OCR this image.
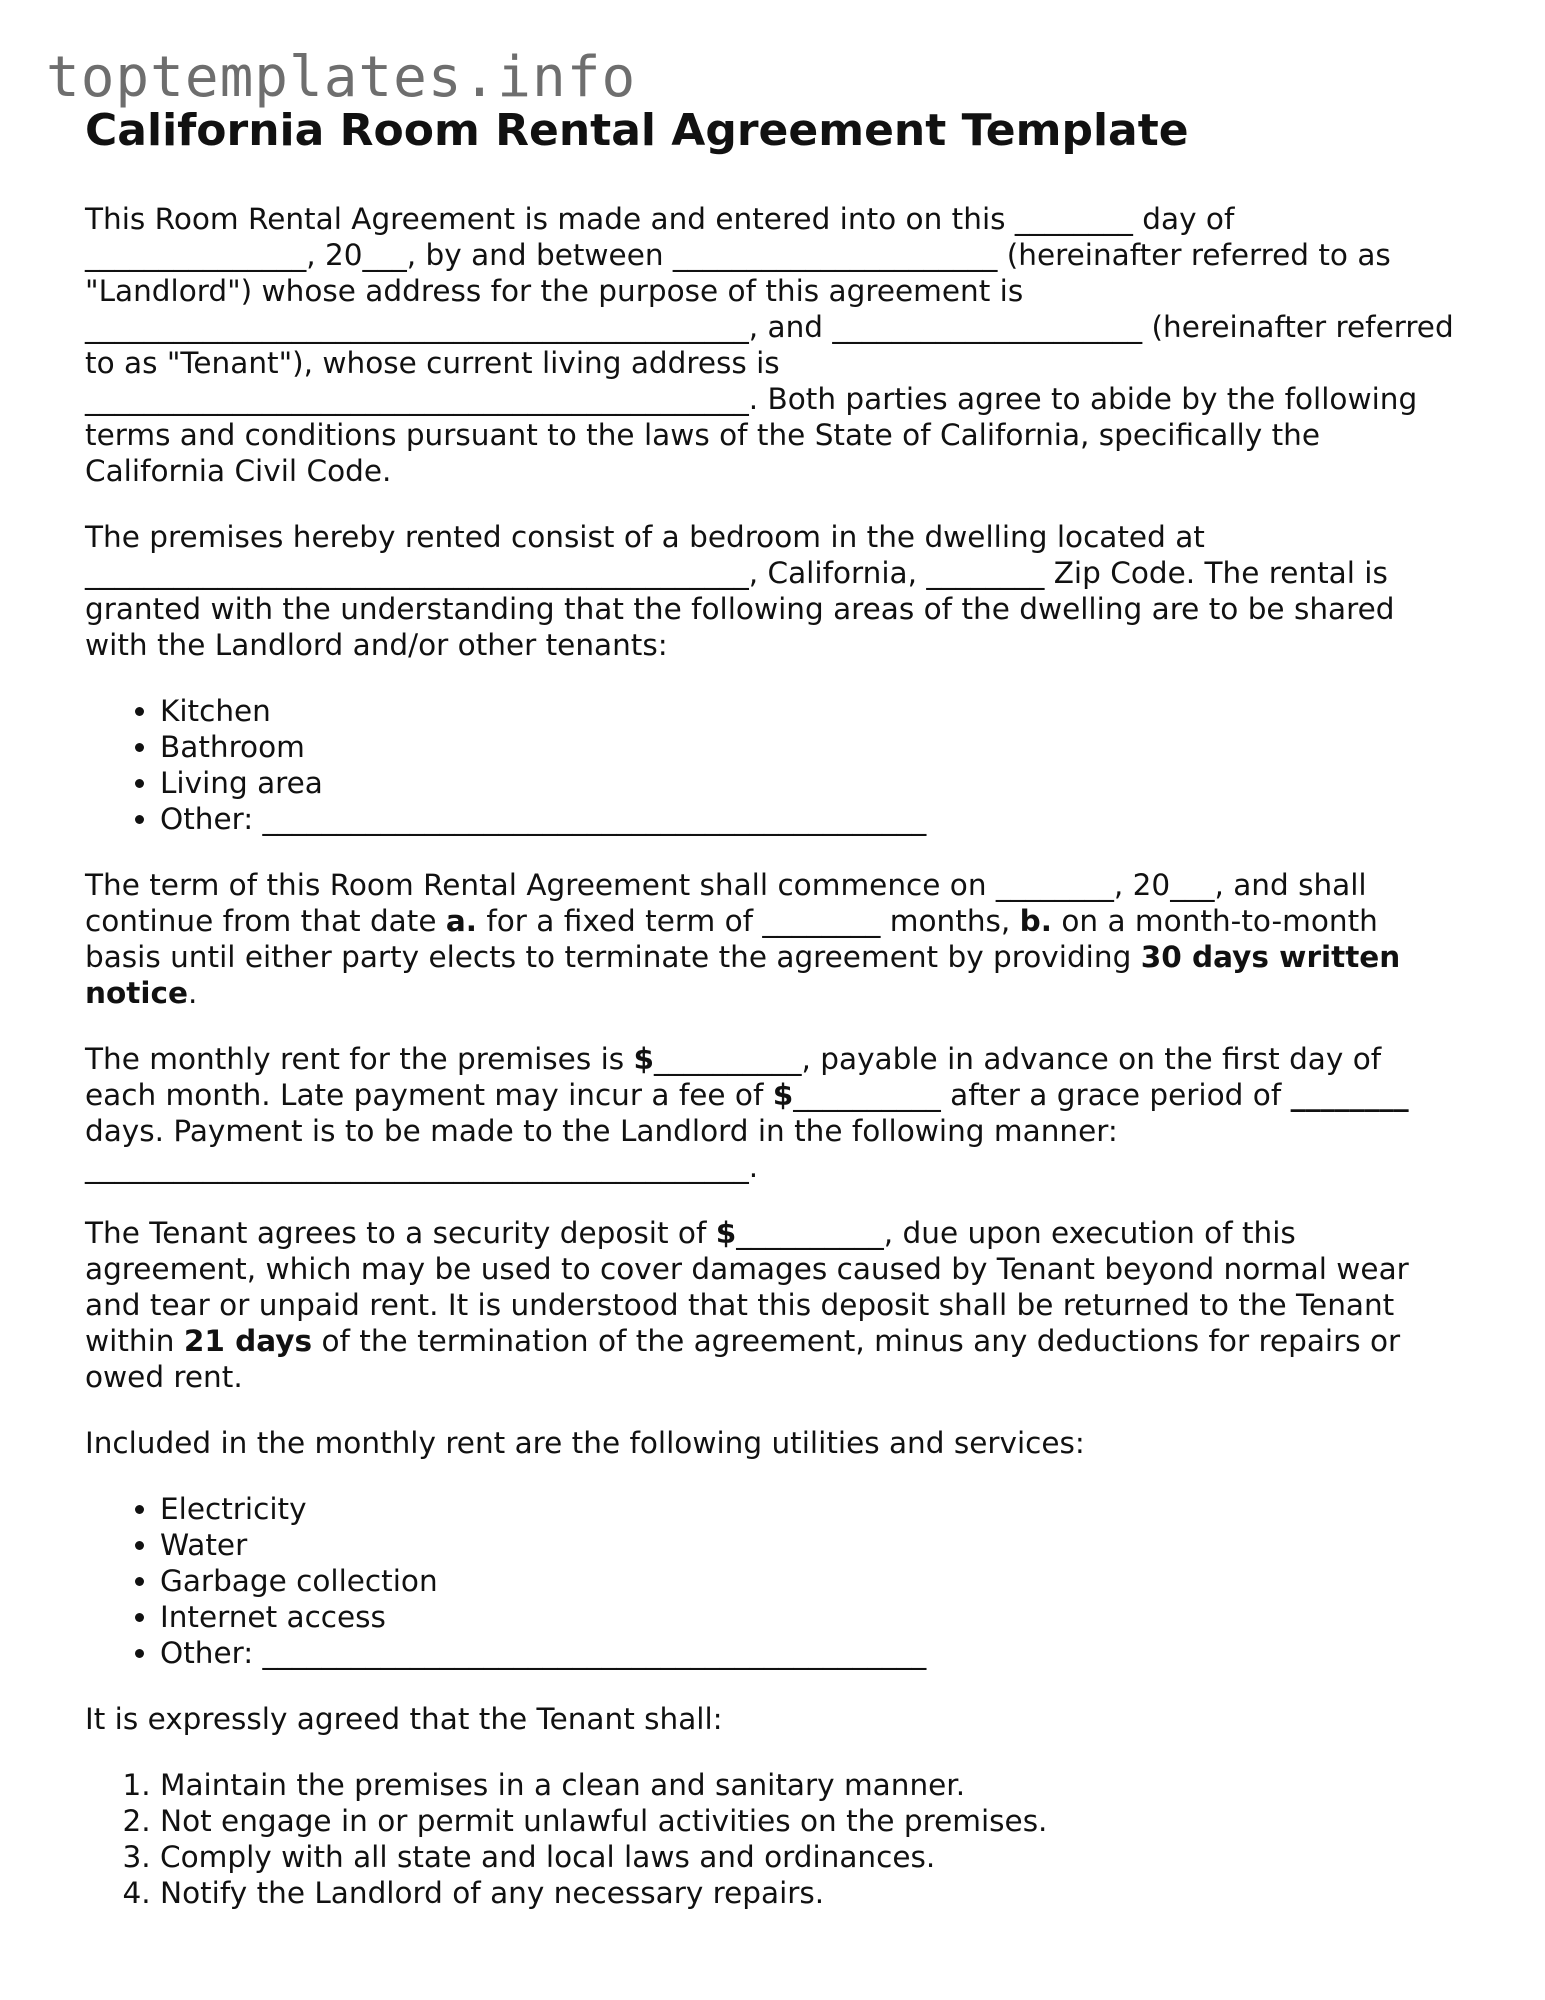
toptemplates.info
California Room Rental Agreement Template

This Room Rental Agreement is made and entered into on this ________ day of _______________, 20___, by and between ______________________ (hereinafter referred to as "Landlord") whose address for the purpose of this agreement is _____________________________________________, and _____________________ (hereinafter referred to as "Tenant"), whose current living address is _____________________________________________. Both parties agree to abide by the following terms and conditions pursuant to the laws of the State of California, specifically the California Civil Code.

The premises hereby rented consist of a bedroom in the dwelling located at _____________________________________________, California, ________ Zip Code. The rental is granted with the understanding that the following areas of the dwelling are to be shared with the Landlord and/or other tenants:

• Kitchen
• Bathroom
• Living area
• Other: _____________________________________________

The term of this Room Rental Agreement shall commence on ________, 20___, and shall continue from that date a. for a fixed term of ________ months, b. on a month-to-month basis until either party elects to terminate the agreement by providing 30 days written notice.

The monthly rent for the premises is $__________, payable in advance on the first day of each month. Late payment may incur a fee of $__________ after a grace period of ________ days. Payment is to be made to the Landlord in the following manner: _____________________________________________.

The Tenant agrees to a security deposit of $__________, due upon execution of this agreement, which may be used to cover damages caused by Tenant beyond normal wear and tear or unpaid rent. It is understood that this deposit shall be returned to the Tenant within 21 days of the termination of the agreement, minus any deductions for repairs or owed rent.

Included in the monthly rent are the following utilities and services:

• Electricity
• Water
• Garbage collection
• Internet access
• Other: _____________________________________________

It is expressly agreed that the Tenant shall:

1. Maintain the premises in a clean and sanitary manner.
2. Not engage in or permit unlawful activities on the premises.
3. Comply with all state and local laws and ordinances.
4. Notify the Landlord of any necessary repairs.
